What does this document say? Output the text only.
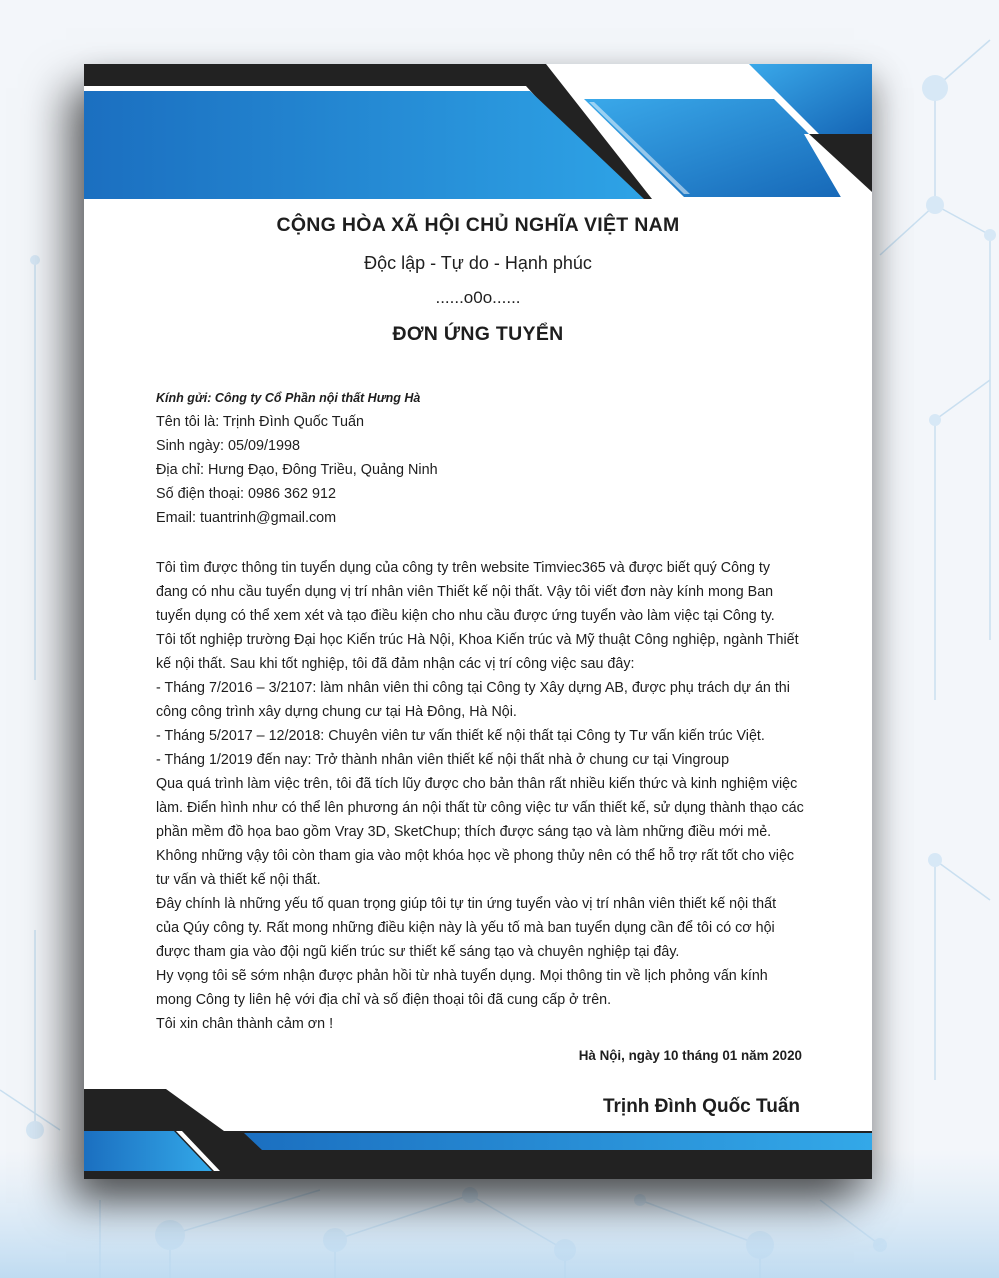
CỘNG HÒA XÃ HỘI CHỦ NGHĨA VIỆT NAM
Độc lập - Tự do - Hạnh phúc
......o0o......
ĐƠN ỨNG TUYỂN
Kính gửi: Công ty Cổ Phần nội thất Hưng Hà
Tên tôi là: Trịnh Đình Quốc Tuấn
Sinh ngày: 05/09/1998
Địa chỉ: Hưng Đạo, Đông Triều, Quảng Ninh
Số điện thoại: 0986 362 912
Email: tuantrinh@gmail.com
Tôi tìm được thông tin tuyển dụng của công ty trên website Timviec365 và được biết quý Công ty
đang có nhu cầu tuyển dụng vị trí nhân viên Thiết kế nội thất. Vậy tôi viết đơn này kính mong Ban
tuyển dụng có thể xem xét và tạo điều kiện cho nhu cầu được ứng tuyển vào làm việc tại Công ty.
Tôi tốt nghiệp trường Đại học Kiến trúc Hà Nội, Khoa Kiến trúc và Mỹ thuật Công nghiệp, ngành Thiết
kế nội thất. Sau khi tốt nghiệp, tôi đã đảm nhận các vị trí công việc sau đây:
- Tháng 7/2016 – 3/2107: làm nhân viên thi công tại Công ty Xây dựng AB, được phụ trách dự án thi
công công trình xây dựng chung cư tại Hà Đông, Hà Nội.
- Tháng 5/2017 – 12/2018: Chuyên viên tư vấn thiết kế nội thất tại Công ty Tư vấn kiến trúc Việt.
- Tháng 1/2019 đến nay: Trở thành nhân viên thiết kế nội thất nhà ở chung cư tại Vingroup
Qua quá trình làm việc trên, tôi đã tích lũy được cho bản thân rất nhiều kiến thức và kinh nghiệm việc
làm. Điển hình như có thể lên phương án nội thất từ công việc tư vấn thiết kế, sử dụng thành thạo các
phần mềm đồ họa bao gồm Vray 3D, SketChup; thích được sáng tạo và làm những điều mới mẻ.
Không những vậy tôi còn tham gia vào một khóa học về phong thủy nên có thể hỗ trợ rất tốt cho việc
tư vấn và thiết kế nội thất.
Đây chính là những yếu tố quan trọng giúp tôi tự tin ứng tuyển vào vị trí nhân viên thiết kế nội thất
của Qúy công ty. Rất mong những điều kiện này là yếu tố mà ban tuyển dụng cần để tôi có cơ hội
được tham gia vào đội ngũ kiến trúc sư thiết kế sáng tạo và chuyên nghiệp tại đây.
Hy vọng tôi sẽ sớm nhận được phản hồi từ nhà tuyển dụng. Mọi thông tin về lịch phỏng vấn kính
mong Công ty liên hệ với địa chỉ và số điện thoại tôi đã cung cấp ở trên.
Tôi xin chân thành cảm ơn !
Hà Nội, ngày 10 tháng 01 năm 2020
Trịnh Đình Quốc Tuấn
